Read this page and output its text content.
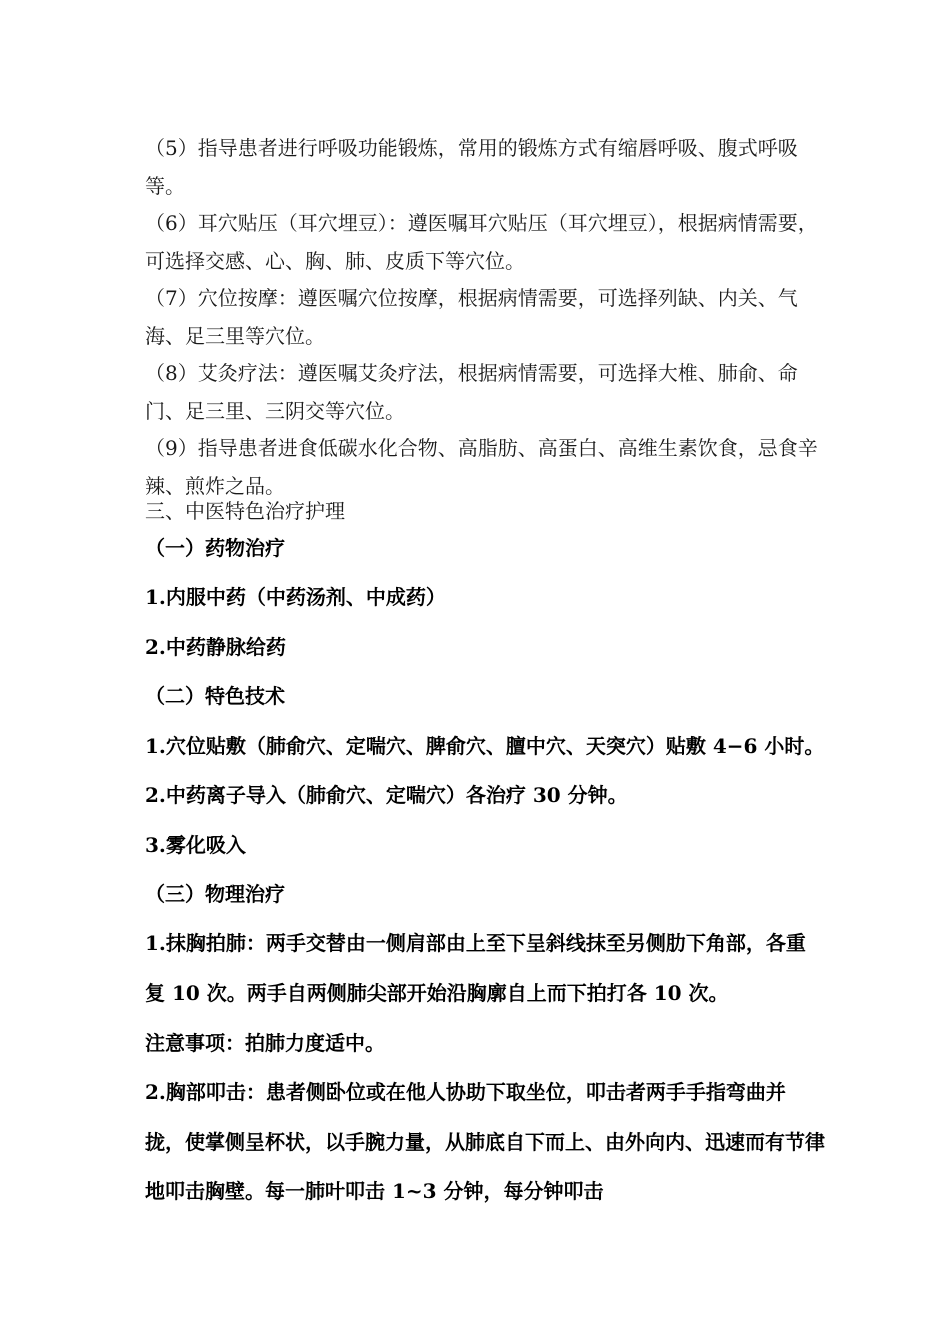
（5）指导患者进行呼吸功能锻炼，常用的锻炼方式有缩唇呼吸、腹式呼吸等。

（6）耳穴贴压（耳穴埋豆）：遵医嘱耳穴贴压（耳穴埋豆），根据病情需要，可选择交感、心、胸、肺、皮质下等穴位。

（7）穴位按摩：遵医嘱穴位按摩，根据病情需要，可选择列缺、内关、气海、足三里等穴位。

（8）艾灸疗法：遵医嘱艾灸疗法，根据病情需要，可选择大椎、肺俞、命门、足三里、三阴交等穴位。

（9）指导患者进食低碳水化合物、高脂肪、高蛋白、高维生素饮食，忌食辛辣、煎炸之品。

三、中医特色治疗护理

（一）药物治疗

1.内服中药（中药汤剂、中成药）

2.中药静脉给药

（二）特色技术

1.穴位贴敷（肺俞穴、定喘穴、脾俞穴、膻中穴、天突穴）贴敷 4−6 小时。

2.中药离子导入（肺俞穴、定喘穴）各治疗 30 分钟。

3.雾化吸入

（三）物理治疗

1.抹胸拍肺：两手交替由一侧肩部由上至下呈斜线抹至另侧肋下角部，各重复 10 次。两手自两侧肺尖部开始沿胸廓自上而下拍打各 10 次。

注意事项：拍肺力度适中。

2.胸部叩击：患者侧卧位或在他人协助下取坐位，叩击者两手手指弯曲并拢，使掌侧呈杯状，以手腕力量，从肺底自下而上、由外向内、迅速而有节律地叩击胸壁。每一肺叶叩击 1~3 分钟，每分钟叩击
